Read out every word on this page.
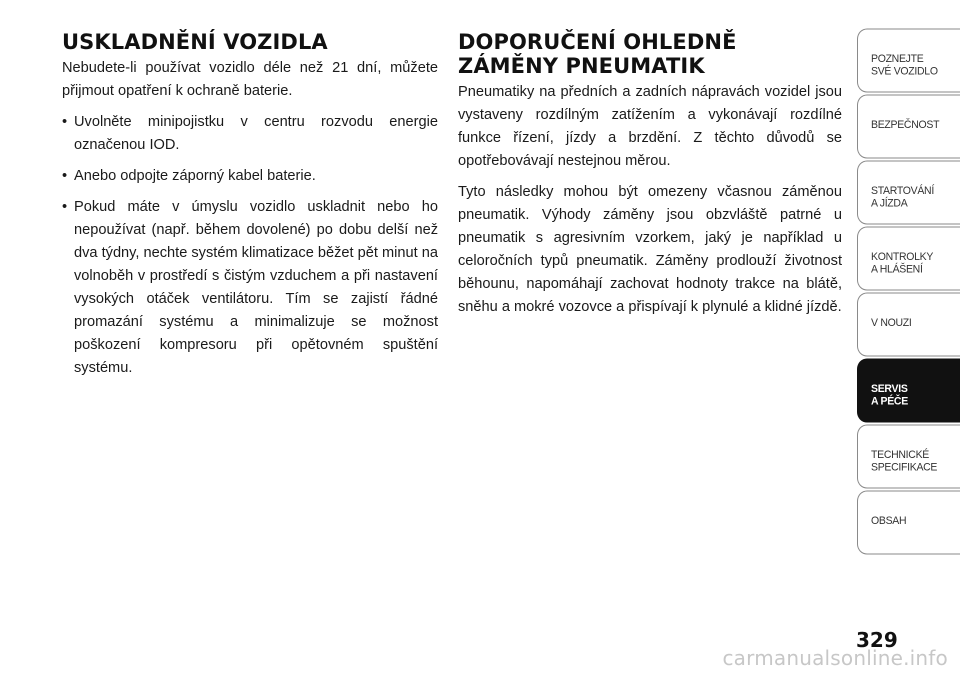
USKLADNĚNÍ VOZIDLA

Nebudete-li používat vozidlo déle než 21 dní, můžete přijmout opatření k ochraně baterie.

• Uvolněte minipojistku v centru rozvodu energie označenou IOD.
• Anebo odpojte záporný kabel baterie.
• Pokud máte v úmyslu vozidlo uskladnit nebo ho nepoužívat (např. během dovolené) po dobu delší než dva týdny, nechte systém klimatizace běžet pět minut na volnoběh v prostředí s čistým vzduchem a při nastavení vysokých otáček ventilátoru. Tím se zajistí řádné promazání systému a minimalizuje se možnost poškození kompresoru při opětovném spuštění systému.
DOPORUČENÍ OHLEDNĚ ZÁMĚNY PNEUMATIK

Pneumatiky na předních a zadních nápravách vozidel jsou vystaveny rozdílným zatížením a vykonávají rozdílné funkce řízení, jízdy a brzdění. Z těchto důvodů se opotřebovávají nestejnou měrou.

Tyto následky mohou být omezeny včasnou záměnou pneumatik. Výhody záměny jsou obzvláště patrné u pneumatik s agresivním vzorkem, jaký je například u celoročních typů pneumatik. Záměny prodlouží životnost běhounu, napomáhají zachovat hodnoty trakce na blátě, sněhu a mokré vozovce a přispívají k plynulé a klidné jízdě.

POZNEJTE
SVÉ VOZIDLO
BEZPEČNOST
STARTOVÁNÍ
A JÍZDA
KONTROLKY
A HLÁŠENÍ
V NOUZI
SERVIS
A PÉČE
TECHNICKÉ
SPECIFIKACE
OBSAH
329
carmanualsonline.info
